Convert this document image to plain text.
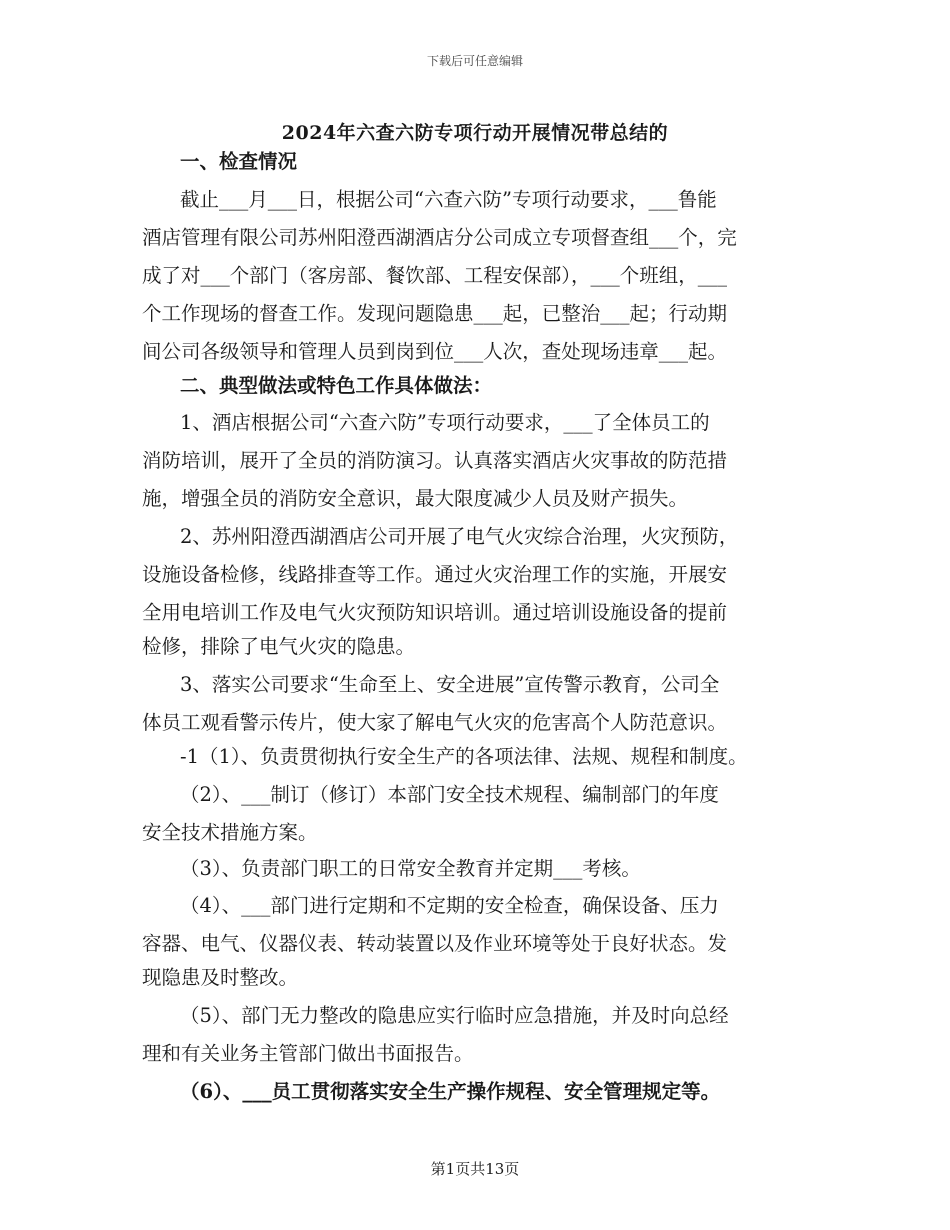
下载后可任意编辑
2024年六查六防专项行动开展情况带总结的
一、检查情况
截止___月___日，根据公司“六查六防”专项行动要求，___鲁能
酒店管理有限公司苏州阳澄西湖酒店分公司成立专项督查组___个，完
成了对___个部门（客房部、餐饮部、工程安保部），___个班组，___
个工作现场的督查工作。发现问题隐患___起，已整治___起；行动期
间公司各级领导和管理人员到岗到位___人次，查处现场违章___起。
二、典型做法或特色工作具体做法：
1、酒店根据公司“六查六防”专项行动要求，___了全体员工的
消防培训，展开了全员的消防演习。认真落实酒店火灾事故的防范措
施，增强全员的消防安全意识，最大限度减少人员及财产损失。
2、苏州阳澄西湖酒店公司开展了电气火灾综合治理，火灾预防，
设施设备检修，线路排查等工作。通过火灾治理工作的实施，开展安
全用电培训工作及电气火灾预防知识培训。通过培训设施设备的提前
检修，排除了电气火灾的隐患。
3、落实公司要求“生命至上、安全进展”宣传警示教育，公司全
体员工观看警示传片，使大家了解电气火灾的危害高个人防范意识。
-1（1）、负责贯彻执行安全生产的各项法律、法规、规程和制度。
（2）、___制订（修订）本部门安全技术规程、编制部门的年度
安全技术措施方案。
（3）、负责部门职工的日常安全教育并定期___考核。
（4）、___部门进行定期和不定期的安全检查，确保设备、压力
容器、电气、仪器仪表、转动装置以及作业环境等处于良好状态。发
现隐患及时整改。
（5）、部门无力整改的隐患应实行临时应急措施，并及时向总经
理和有关业务主管部门做出书面报告。
（6）、___员工贯彻落实安全生产操作规程、安全管理规定等。
第1页共13页
